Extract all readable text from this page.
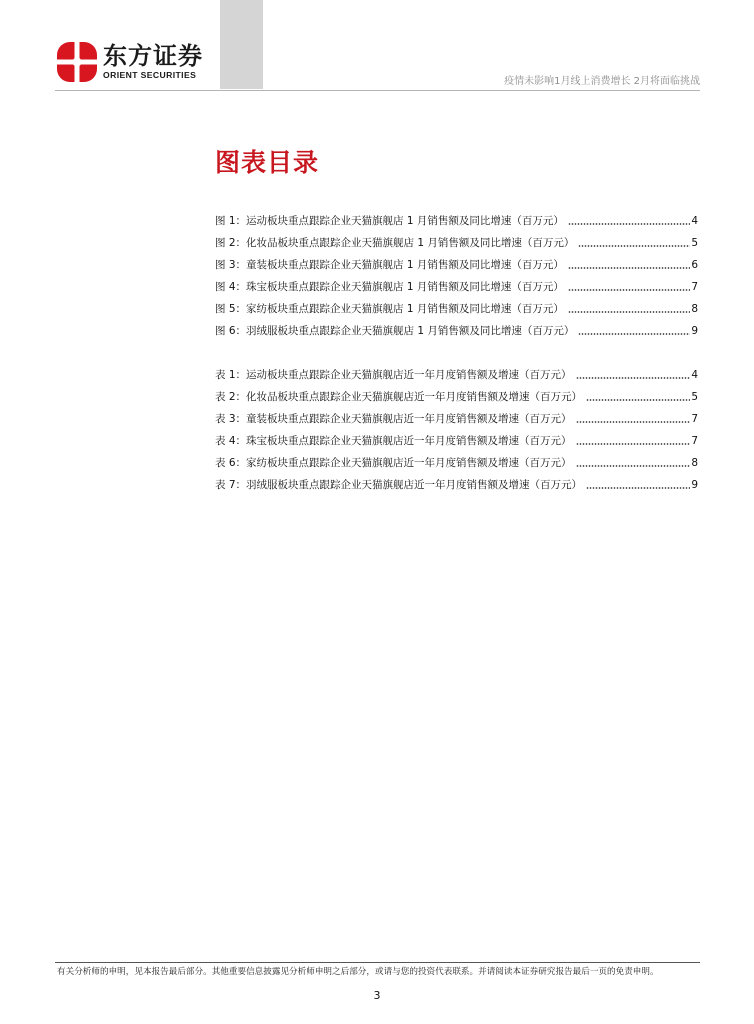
东方证券
ORIENT SECURITIES
疫情未影响1月线上消费增长 2月将面临挑战
图表目录
图 1：运动板块重点跟踪企业天猫旗舰店 1 月销售额及同比增速（百万元）	4
图 2：化妆品板块重点跟踪企业天猫旗舰店 1 月销售额及同比增速（百万元）	5
图 3：童装板块重点跟踪企业天猫旗舰店 1 月销售额及同比增速（百万元）	6
图 4：珠宝板块重点跟踪企业天猫旗舰店 1 月销售额及同比增速（百万元）	7
图 5：家纺板块重点跟踪企业天猫旗舰店 1 月销售额及同比增速（百万元）	8
图 6：羽绒服板块重点跟踪企业天猫旗舰店 1 月销售额及同比增速（百万元）	9
表 1：运动板块重点跟踪企业天猫旗舰店近一年月度销售额及增速（百万元）	4
表 2：化妆品板块重点跟踪企业天猫旗舰店近一年月度销售额及增速（百万元）	5
表 3：童装板块重点跟踪企业天猫旗舰店近一年月度销售额及增速（百万元）	7
表 4：珠宝板块重点跟踪企业天猫旗舰店近一年月度销售额及增速（百万元）	7
表 6：家纺板块重点跟踪企业天猫旗舰店近一年月度销售额及增速（百万元）	8
表 7：羽绒服板块重点跟踪企业天猫旗舰店近一年月度销售额及增速（百万元）	9
有关分析师的申明，见本报告最后部分。其他重要信息披露见分析师申明之后部分，或请与您的投资代表联系。并请阅读本证券研究报告最后一页的免责申明。
3
